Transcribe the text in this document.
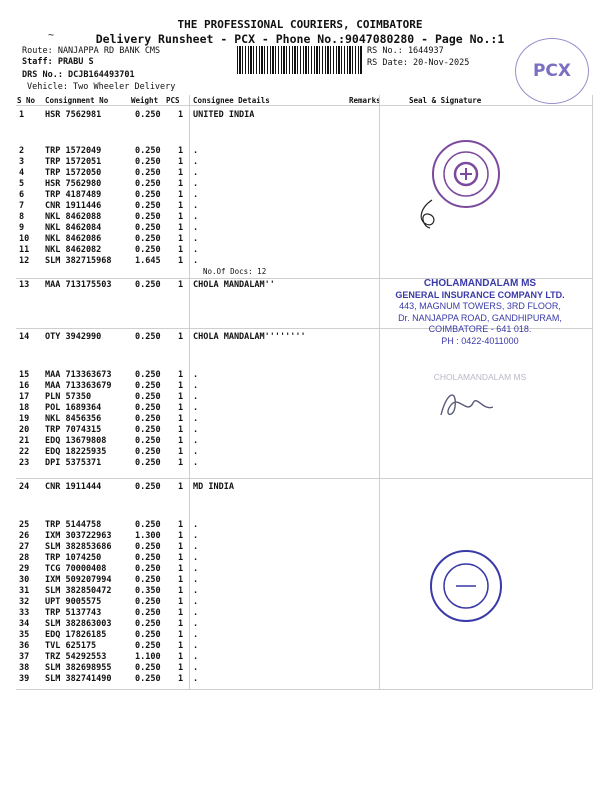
~
THE PROFESSIONAL COURIERS, COIMBATORE
Delivery Runsheet - PCX - Phone No.:9047080280 - Page No.:1
Route: NANJAPPA RD BANK CMS
Staff: PRABU S
DRS No.: DCJB164493701
Vehicle: Two Wheeler Delivery
RS No.: 1644937
RS Date: 20-Nov-2025	PCX
S No Consignment No	Weight PCS Consignee Details	Remarks	Seal & Signature
1 HSR 7562981	0.250 1 UNITED INDIA
2 TRP 1572049	0.250 1 .
3 TRP 1572051	0.250 1 .
4 TRP 1572050	0.250 1 .
5 HSR 7562980	0.250 1 .
6 TRP 4187489	0.250 1 .
7 CNR 1911446	0.250 1 .
8 NKL 8462088	0.250 1 .
9 NKL 8462084	0.250 1 .
10 NKL 8462086	0.250 1 .
11 NKL 8462082	0.250 1 .
12 SLM 382715968	1.645 1 .
No.Of Docs: 12
13 MAA 713175503	0.250 1 CHOLA MANDALAM''
14 OTY 3942990	0.250 1 CHOLA MANDALAM''''''''
15 MAA 713363673	0.250 1 .
16 MAA 713363679	0.250 1 .
17 PLN 57350	0.250 1 .
18 POL 1689364	0.250 1 .
19 NKL 8456356	0.250 1 .
20 TRP 7074315	0.250 1 .
21 EDQ 13679808	0.250 1 .
22 EDQ 18225935	0.250 1 .
23 DPI 5375371	0.250 1 .
24 CNR 1911444	0.250 1 MD INDIA
25 TRP 5144758	0.250 1 .
26 IXM 303722963	1.300 1 .
27 SLM 382853686	0.250 1 .
28 TRP 1074250	0.250 1 .
29 TCG 70000408	0.250 1 .
30 IXM 509207994	0.250 1 .
31 SLM 382850472	0.350 1 .
32 UPT 9005575	0.250 1 .
33 TRP 5137743	0.250 1 .
34 SLM 382863003	0.250 1 .
35 EDQ 17826185	0.250 1 .
36 TVL 625175	0.250 1 .
37 TRZ 54292553	1.100 1 .
38 SLM 382698955	0.250 1 .
39 SLM 382741490	0.250 1 .
CHOLAMANDALAM MS
GENERAL INSURANCE COMPANY LTD.
443, MAGNUM TOWERS, 3RD FLOOR,
Dr. NANJAPPA ROAD, GANDHIPURAM,
COIMBATORE - 641 018.
PH : 0422-4011000
CHOLAMANDALAM MS
